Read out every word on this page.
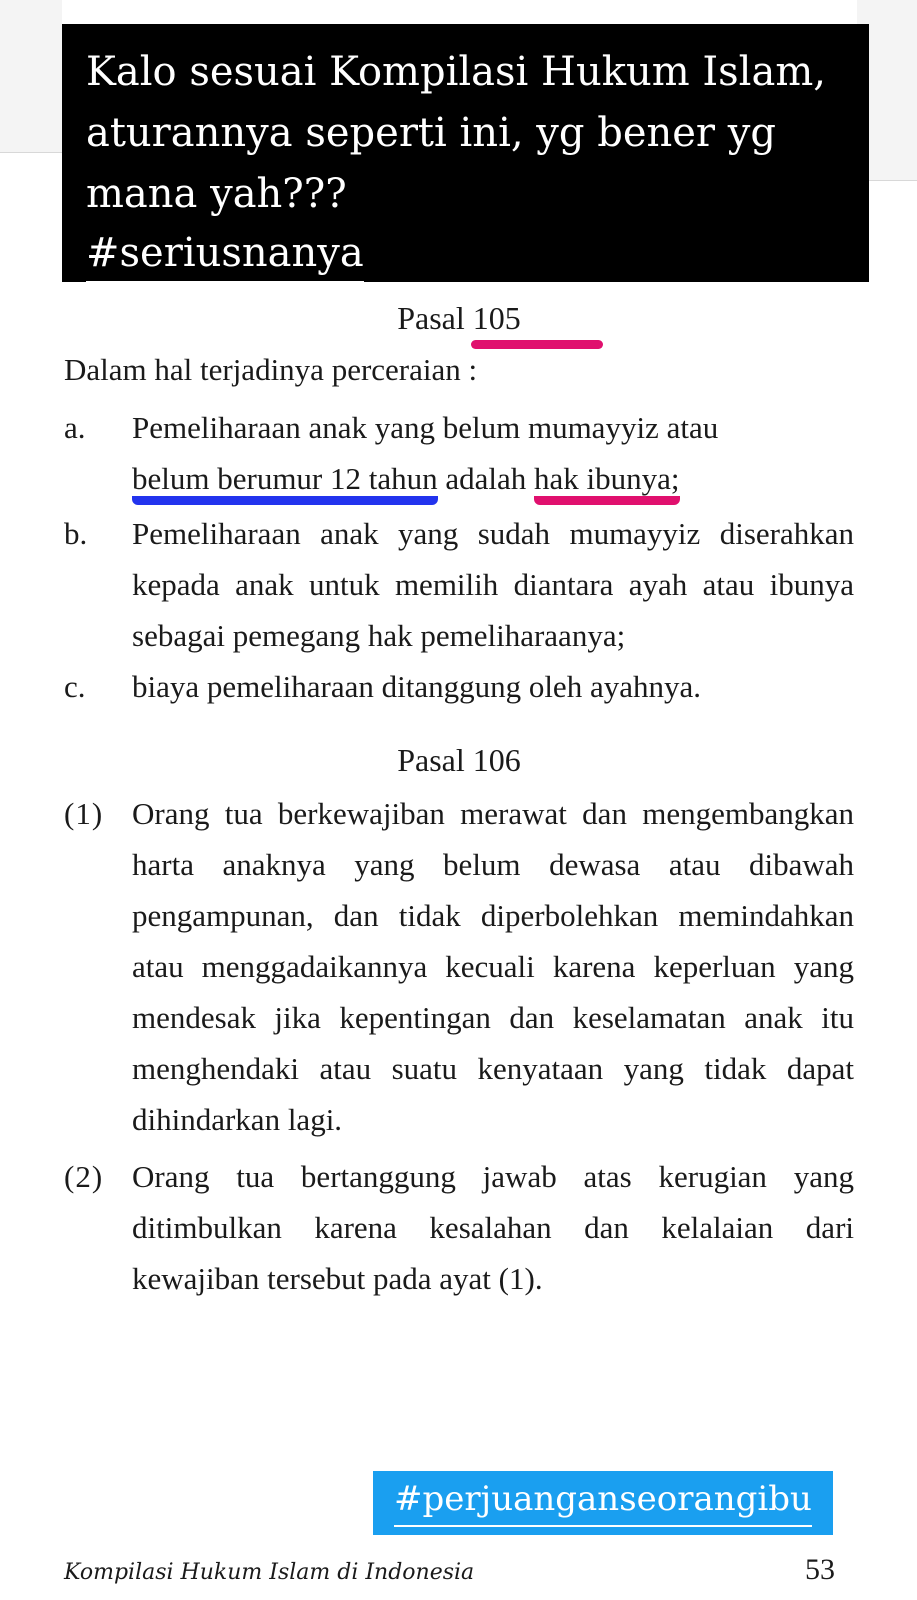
Kalo sesuai Kompilasi Hukum Islam,
aturannya seperti ini, yg bener yg
mana yah???
#seriusnanya

Pasal 105

Dalam hal terjadinya perceraian :

a.	Pemeliharaan anak yang belum mumayyiz atau
belum berumur 12 tahun adalah hak ibunya;
b.	Pemeliharaan anak yang sudah mumayyiz diserahkan kepada anak untuk memilih diantara ayah atau ibunya sebagai pemegang hak pemeliharaanya;
c.	biaya pemeliharaan ditanggung oleh ayahnya.

Pasal 106

(1) Orang tua berkewajiban merawat dan mengembangkan harta anaknya yang belum dewasa atau dibawah pengampunan, dan tidak diperbolehkan memindahkan atau menggadaikannya kecuali karena keperluan yang mendesak jika kepentingan dan keselamatan anak itu menghendaki atau suatu kenyataan yang tidak dapat dihindarkan lagi.
(2) Orang tua bertanggung jawab atas kerugian yang ditimbulkan karena kesalahan dan kelalaian dari kewajiban tersebut pada ayat (1).
#perjuanganseorangibu
Kompilasi Hukum Islam di Indonesia	53
